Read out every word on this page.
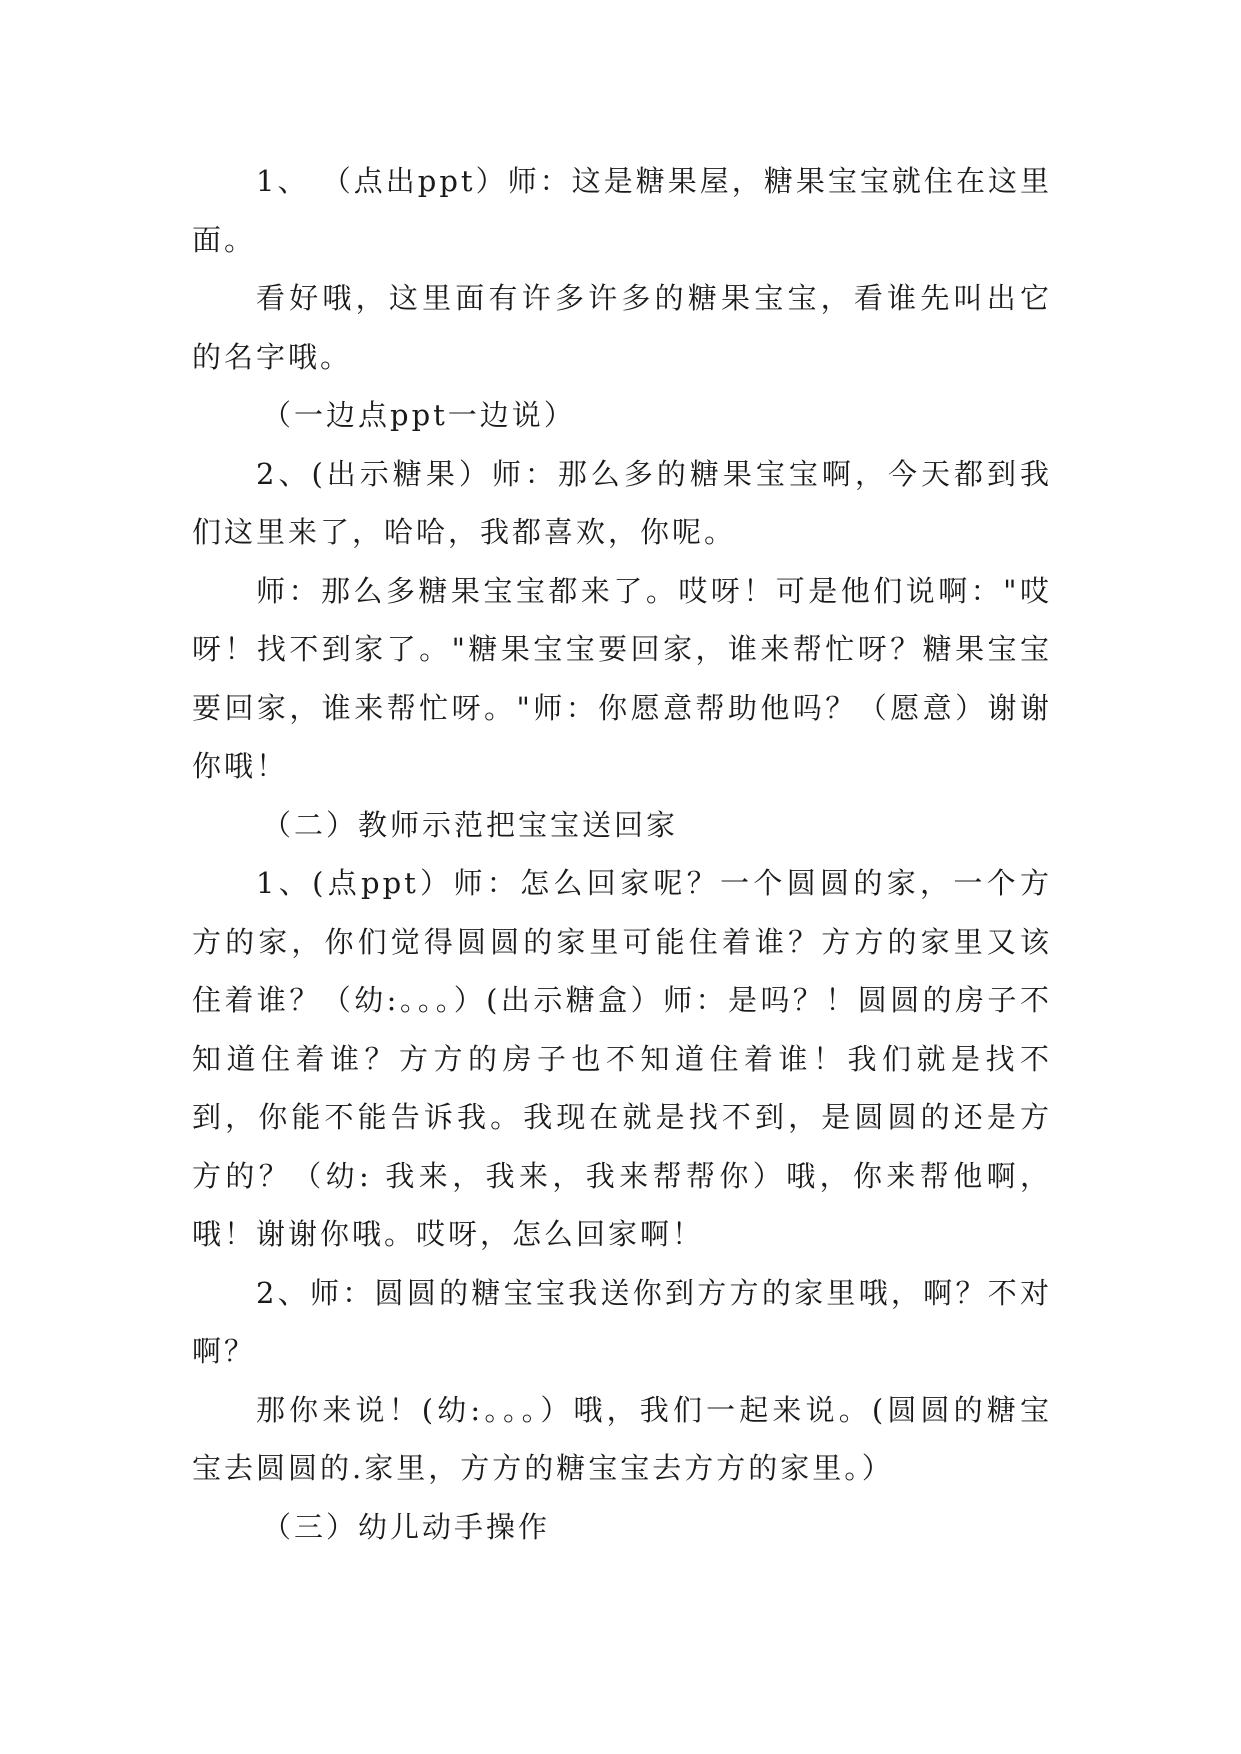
1、 （点出ppt）师：这是糖果屋，糖果宝宝就住在这里面。

看好哦，这里面有许多许多的糖果宝宝，看谁先叫出它的名字哦。

（一边点ppt一边说）

2、(出示糖果）师：那么多的糖果宝宝啊，今天都到我们这里来了，哈哈，我都喜欢，你呢。

师：那么多糖果宝宝都来了。哎呀！可是他们说啊："哎呀！找不到家了。"糖果宝宝要回家，谁来帮忙呀？糖果宝宝要回家，谁来帮忙呀。"师：你愿意帮助他吗？（愿意）谢谢你哦！

（二）教师示范把宝宝送回家

1、(点ppt）师：怎么回家呢？一个圆圆的家，一个方方的家，你们觉得圆圆的家里可能住着谁？方方的家里又该住着谁？（幼:。。。）(出示糖盒）师：是吗？！圆圆的房子不知道住着谁？方方的房子也不知道住着谁！我们就是找不到，你能不能告诉我。我现在就是找不到，是圆圆的还是方方的？（幼: 我来，我来，我来帮帮你）哦，你来帮他啊，哦！谢谢你哦。哎呀，怎么回家啊！

2、师：圆圆的糖宝宝我送你到方方的家里哦，啊？不对啊？

那你来说！(幼:。。。）哦，我们一起来说。(圆圆的糖宝宝去圆圆的.家里，方方的糖宝宝去方方的家里。）

（三）幼儿动手操作
